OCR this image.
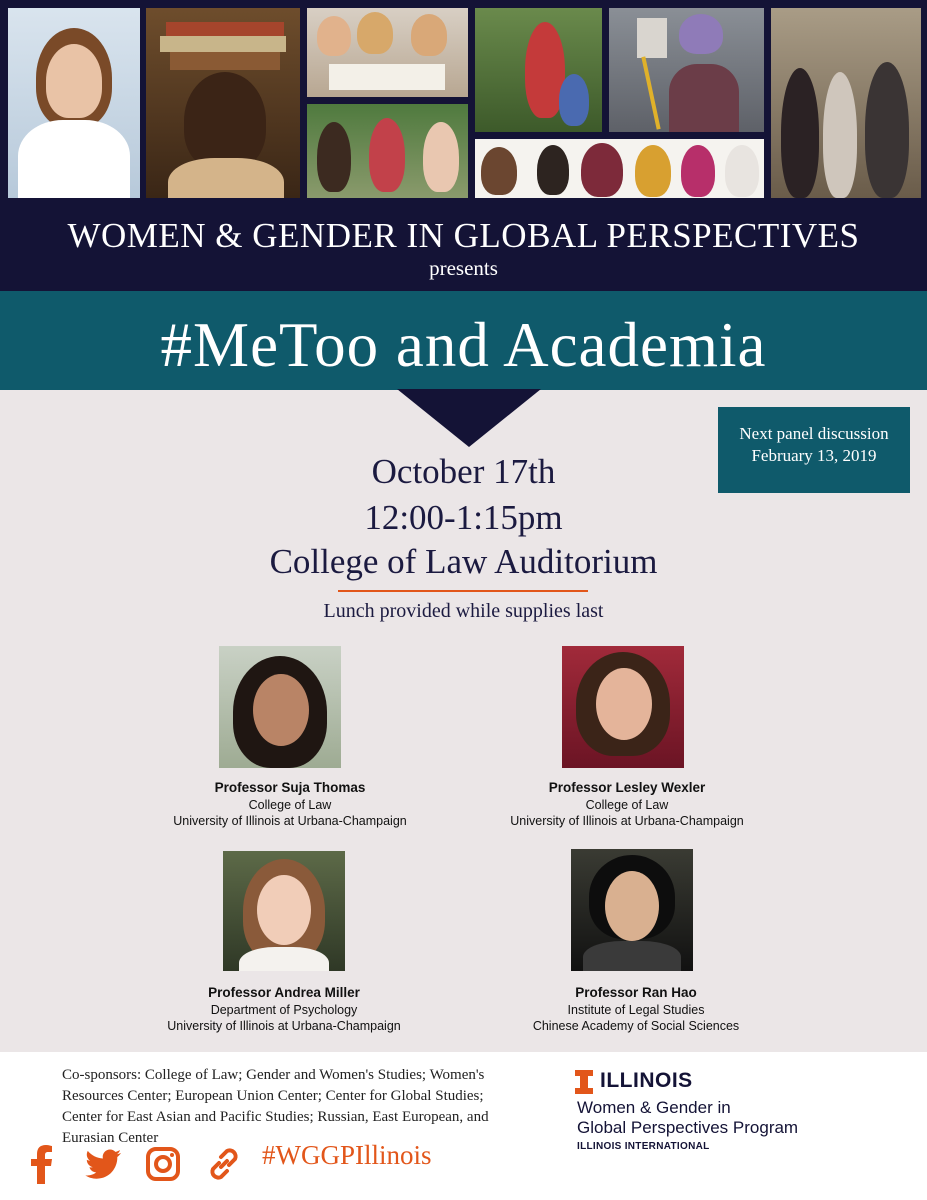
WOMEN & GENDER IN GLOBAL PERSPECTIVES
presents
#MeToo and Academia
Next panel discussion
February 13, 2019
October 17th
12:00-1:15pm
College of Law Auditorium
Lunch provided while supplies last
Professor Suja Thomas
College of Law
University of Illinois at Urbana-Champaign
Professor Lesley Wexler
College of Law
University of Illinois at Urbana-Champaign
Professor Andrea Miller
Department of Psychology
University of Illinois at Urbana-Champaign
Professor Ran Hao
Institute of Legal Studies
Chinese Academy of Social Sciences
Co-sponsors: College of Law; Gender and Women's Studies; Women's Resources Center; European Union Center; Center for Global Studies; Center for East Asian and Pacific Studies; Russian, East European, and Eurasian Center
#WGGPIllinois
ILLINOIS
Women & Gender in
Global Perspectives Program
ILLINOIS INTERNATIONAL
